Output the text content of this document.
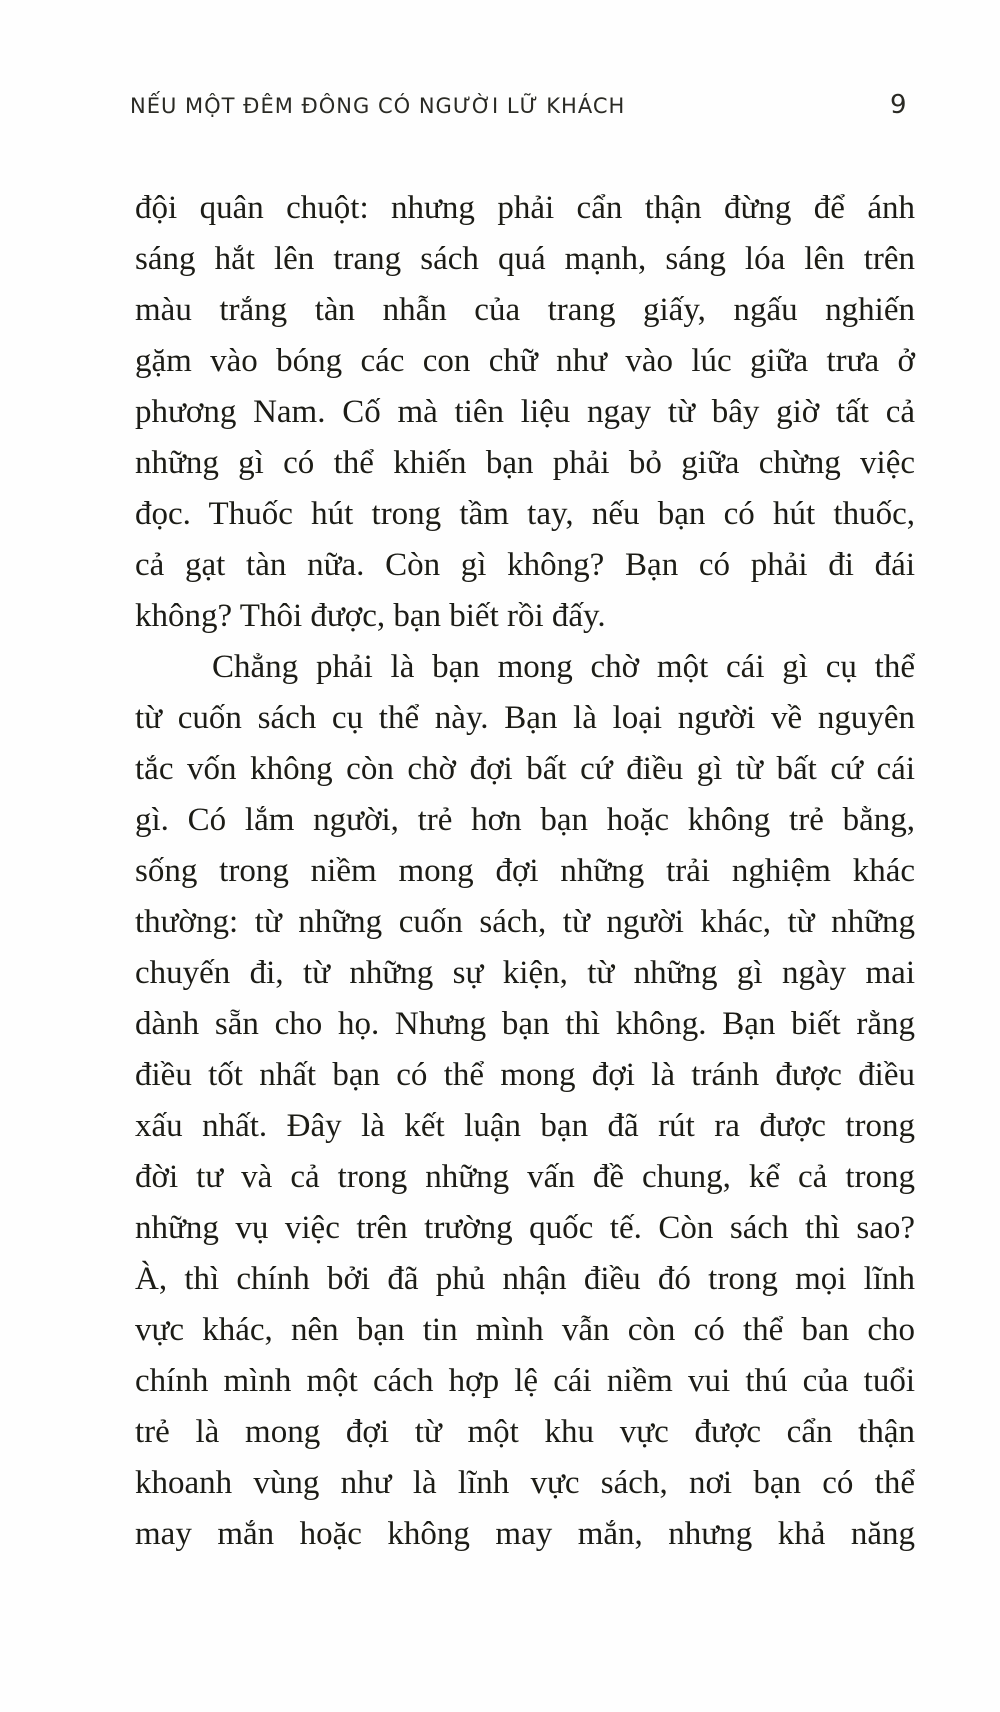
NẾU MỘT ĐÊM ĐÔNG CÓ NGƯỜI LỮ KHÁCH	9
đội quân chuột: nhưng phải cẩn thận đừng để ánh
sáng hắt lên trang sách quá mạnh, sáng lóa lên trên
màu trắng tàn nhẫn của trang giấy, ngấu nghiến
gặm vào bóng các con chữ như vào lúc giữa trưa ở
phương Nam. Cố mà tiên liệu ngay từ bây giờ tất cả
những gì có thể khiến bạn phải bỏ giữa chừng việc
đọc. Thuốc hút trong tầm tay, nếu bạn có hút thuốc,
cả gạt tàn nữa. Còn gì không? Bạn có phải đi đái
không? Thôi được, bạn biết rồi đấy.
Chẳng phải là bạn mong chờ một cái gì cụ thể
từ cuốn sách cụ thể này. Bạn là loại người về nguyên
tắc vốn không còn chờ đợi bất cứ điều gì từ bất cứ cái
gì. Có lắm người, trẻ hơn bạn hoặc không trẻ bằng,
sống trong niềm mong đợi những trải nghiệm khác
thường: từ những cuốn sách, từ người khác, từ những
chuyến đi, từ những sự kiện, từ những gì ngày mai
dành sẵn cho họ. Nhưng bạn thì không. Bạn biết rằng
điều tốt nhất bạn có thể mong đợi là tránh được điều
xấu nhất. Đây là kết luận bạn đã rút ra được trong
đời tư và cả trong những vấn đề chung, kể cả trong
những vụ việc trên trường quốc tế. Còn sách thì sao?
À, thì chính bởi đã phủ nhận điều đó trong mọi lĩnh
vực khác, nên bạn tin mình vẫn còn có thể ban cho
chính mình một cách hợp lệ cái niềm vui thú của tuổi
trẻ là mong đợi từ một khu vực được cẩn thận
khoanh vùng như là lĩnh vực sách, nơi bạn có thể
may mắn hoặc không may mắn, nhưng khả năng
